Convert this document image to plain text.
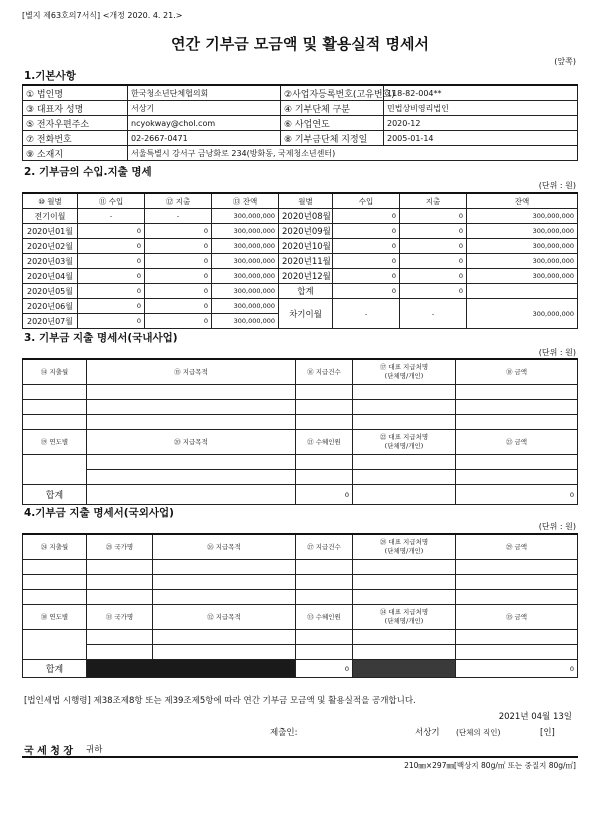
[별지 제63호의7서식] <개정 2020. 4. 21.>
연간 기부금 모금액 및 활용실적 명세서
(앞쪽)
1.기본사항
① 법인명	한국청소년단체협의회	②사업자등록번호(고유번호)	118-82-004**
③ 대표자 성명	서상기	④ 기부단체 구분	민법상비영리법인
⑤ 전자우편주소	ncyokway@chol.com	⑥ 사업연도	2020-12
⑦ 전화번호	02-2667-0471	⑧ 기부금단체 지정일	2005-01-14
⑨ 소재지	서울특별시 강서구 금낭화로 234(방화동, 국제청소년센터)		
2. 기부금의 수입.지출 명세
(단위 : 원)
⑩ 월별	⑪ 수입	⑫ 지출	⑬ 잔액	월별	수입	지출	잔액
전기이월	-	-	300,000,000	2020년08월	0	0	300,000,000
2020년01월	0	0	300,000,000	2020년09월	0	0	300,000,000
2020년02월	0	0	300,000,000	2020년10월	0	0	300,000,000
2020년03월	0	0	300,000,000	2020년11월	0	0	300,000,000
2020년04월	0	0	300,000,000	2020년12월	0	0	300,000,000
2020년05월	0	0	300,000,000	합계	0	0	
2020년06월	0	0	300,000,000	차기이월	-	-	300,000,000
2020년07월	0	0	300,000,000				
3. 기부금 지출 명세서(국내사업)
(단위 : 원)
⑭ 지출월	⑮ 지급목적	⑯ 지급건수	⑰ 대표 지급처명
(단체명/개인)	⑱ 금액

⑲ 연도별	⑳ 지급목적	㉑ 수혜인원	㉒ 대표 지급처명
(단체명/개인)	㉓ 금액

합계		0		0
4.기부금 지출 명세서(국외사업)
(단위 : 원)
㉔ 지출월	㉕ 국가명	㉖ 지급목적	㉗ 지급건수	㉘ 대표 지급처명
(단체명/개인)	㉙ 금액

㉚ 연도별	㉛ 국가명	㉜ 지급목적	㉝ 수혜인원	㉞ 대표 지급처명
(단체명/개인)	㉟ 금액

합계			0		0
[법인세법 시행령] 제38조제8항 또는 제39조제5항에 따라 연간 기부금 모금액 및 활용실적을 공개합니다.
2021년 04월 13일
제출인:	서상기 (단체의 직인)	[인]
국 세 청 장 귀하
210㎜×297㎜[백상지 80g/㎡ 또는 중질지 80g/㎡]
